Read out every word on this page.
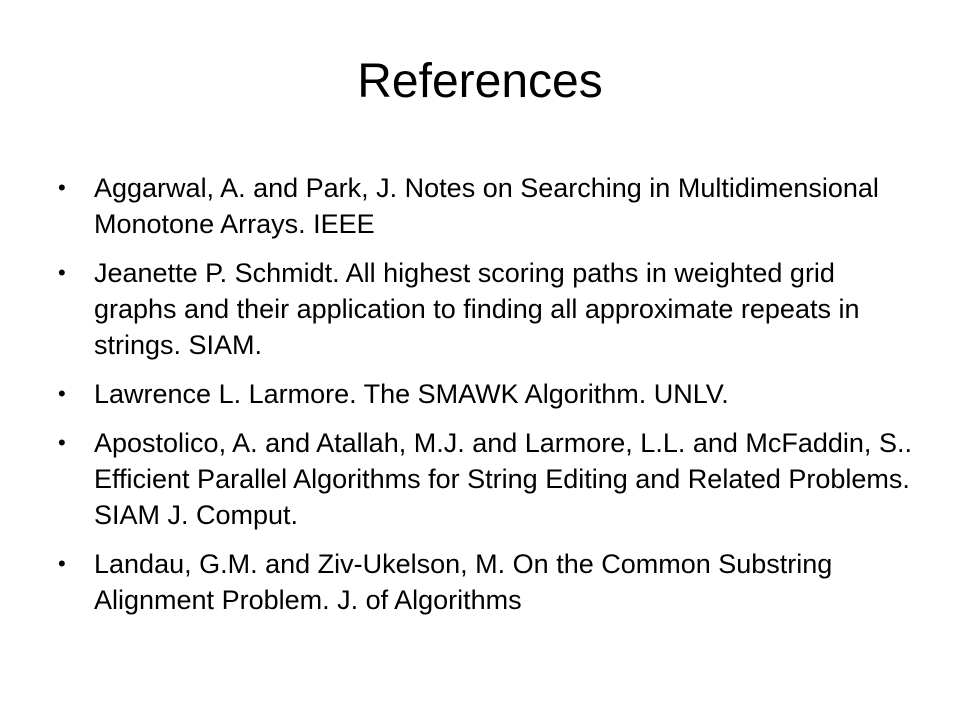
References
•	Aggarwal, A. and Park, J. Notes on Searching in Multidimensional Monotone Arrays. IEEE
•	Jeanette P. Schmidt. All highest scoring paths in weighted grid graphs and their application to finding all approximate repeats in strings. SIAM.
•	Lawrence L. Larmore. The SMAWK Algorithm. UNLV.
•	Apostolico, A. and Atallah, M.J. and Larmore, L.L. and McFaddin, S.. Efficient Parallel Algorithms for String Editing and Related Problems. SIAM J. Comput.
•	Landau, G.M. and Ziv-Ukelson, M. On the Common Substring Alignment Problem. J. of Algorithms
